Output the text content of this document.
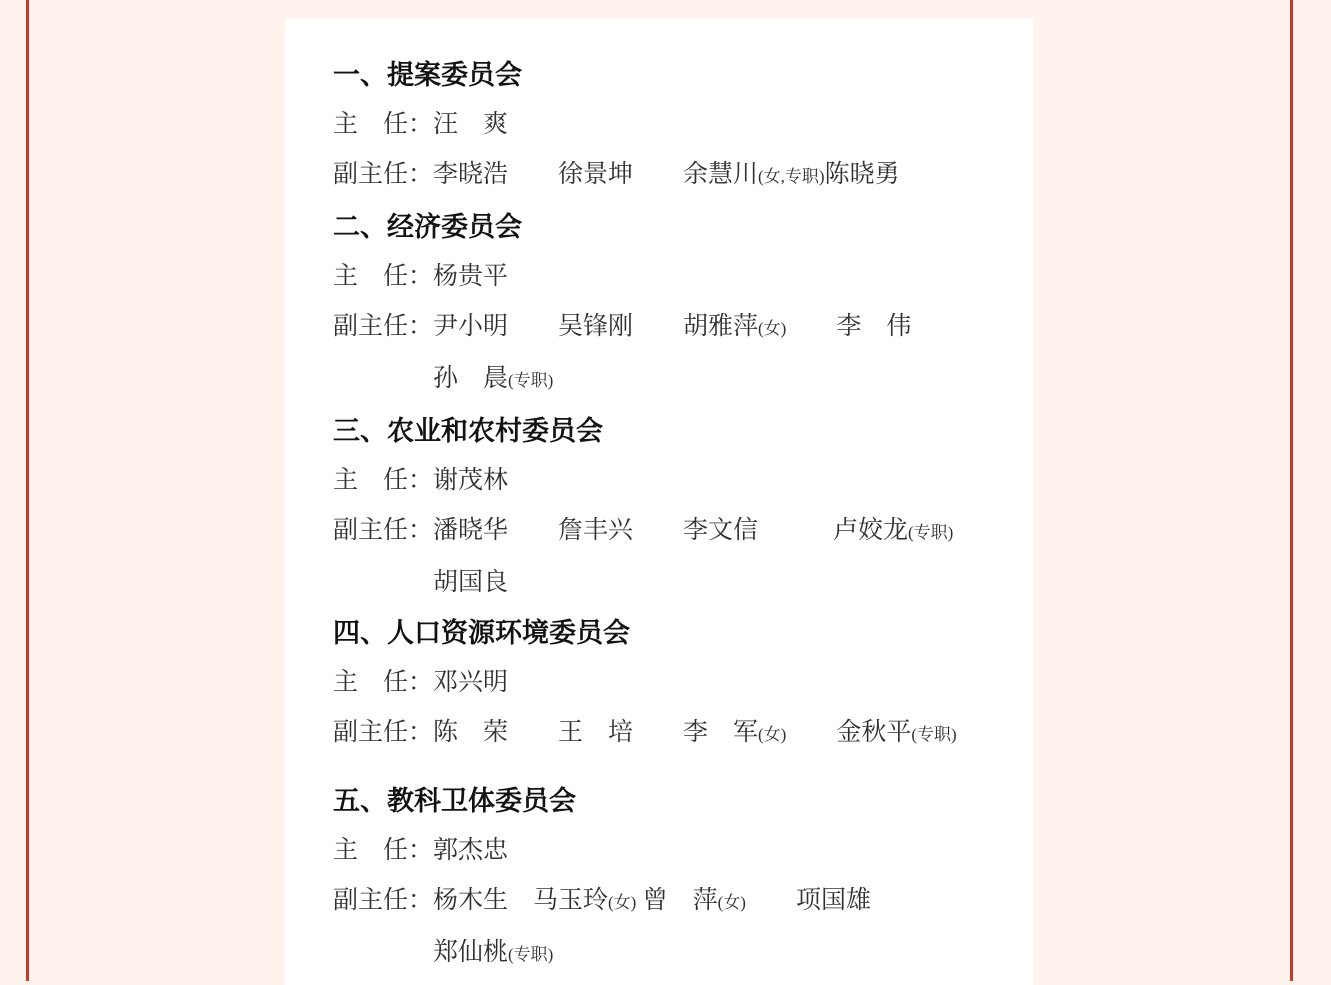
一、提案委员会
主　任： 汪　爽
副主任： 李晓浩　　徐景坤　　余慧川(女,专职)陈晓勇
二、经济委员会
主　任： 杨贵平
副主任： 尹小明　　吴锋刚　　胡雅萍(女)　　李　伟
孙　晨(专职)
三、农业和农村委员会
主　任： 谢茂林
副主任： 潘晓华　　詹丰兴　　李文信　　　卢姣龙(专职)
胡国良
四、人口资源环境委员会
主　任： 邓兴明
副主任： 陈　荣　　王　培　　李　军(女)　　金秋平(专职)
五、教科卫体委员会
主　任： 郭杰忠
副主任： 杨木生　马玉玲(女) 曾　萍(女)　　项国雄
郑仙桃(专职)
